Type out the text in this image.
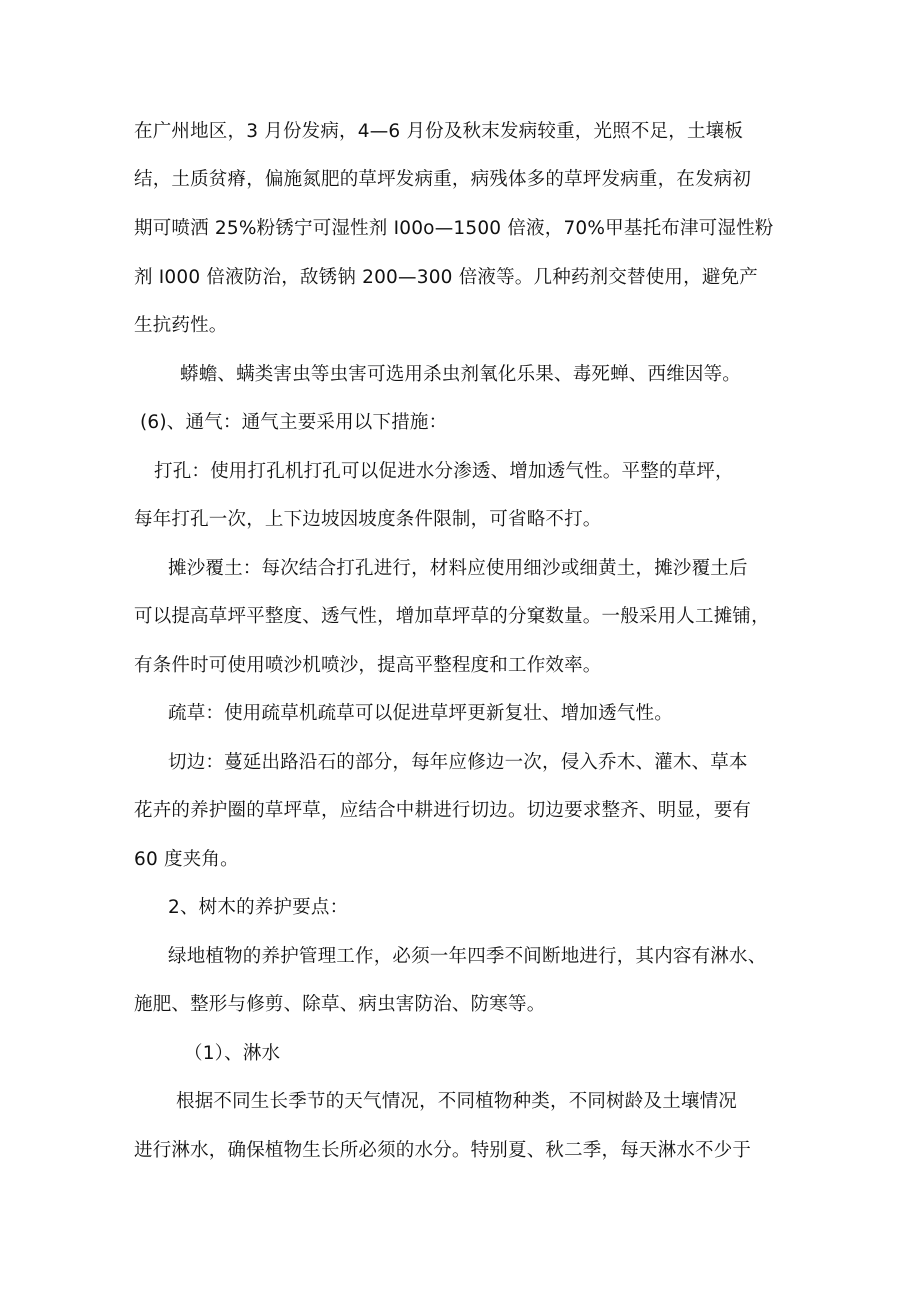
在广州地区，3 月份发病，4—6 月份及秋末发病较重，光照不足，土壤板
结，土质贫瘠，偏施氮肥的草坪发病重，病残体多的草坪发病重，在发病初
期可喷洒 25%粉锈宁可湿性剂 I00o—1500 倍液，70%甲基托布津可湿性粉
剂 I000 倍液防治，敌锈钠 200—300 倍液等。几种药剂交替使用，避免产
生抗药性。
蟒蟾、螨类害虫等虫害可选用杀虫剂氧化乐果、毒死蝉、西维因等。
(6)、通气：通气主要采用以下措施：
打孔：使用打孔机打孔可以促进水分渗透、增加透气性。平整的草坪，
每年打孔一次，上下边坡因坡度条件限制，可省略不打。
摊沙覆土：每次结合打孔进行，材料应使用细沙或细黄土，摊沙覆土后
可以提高草坪平整度、透气性，增加草坪草的分窠数量。一般采用人工摊铺，
有条件时可使用喷沙机喷沙，提高平整程度和工作效率。
疏草：使用疏草机疏草可以促进草坪更新复壮、增加透气性。
切边：蔓延出路沿石的部分，每年应修边一次，侵入乔木、灌木、草本
花卉的养护圈的草坪草，应结合中耕进行切边。切边要求整齐、明显，要有
60 度夹角。
2、树木的养护要点：
绿地植物的养护管理工作，必须一年四季不间断地进行，其内容有淋水、
施肥、整形与修剪、除草、病虫害防治、防寒等。
（1）、淋水
根据不同生长季节的天气情况，不同植物种类，不同树龄及土壤情况
进行淋水，确保植物生长所必须的水分。特别夏、秋二季，每天淋水不少于
